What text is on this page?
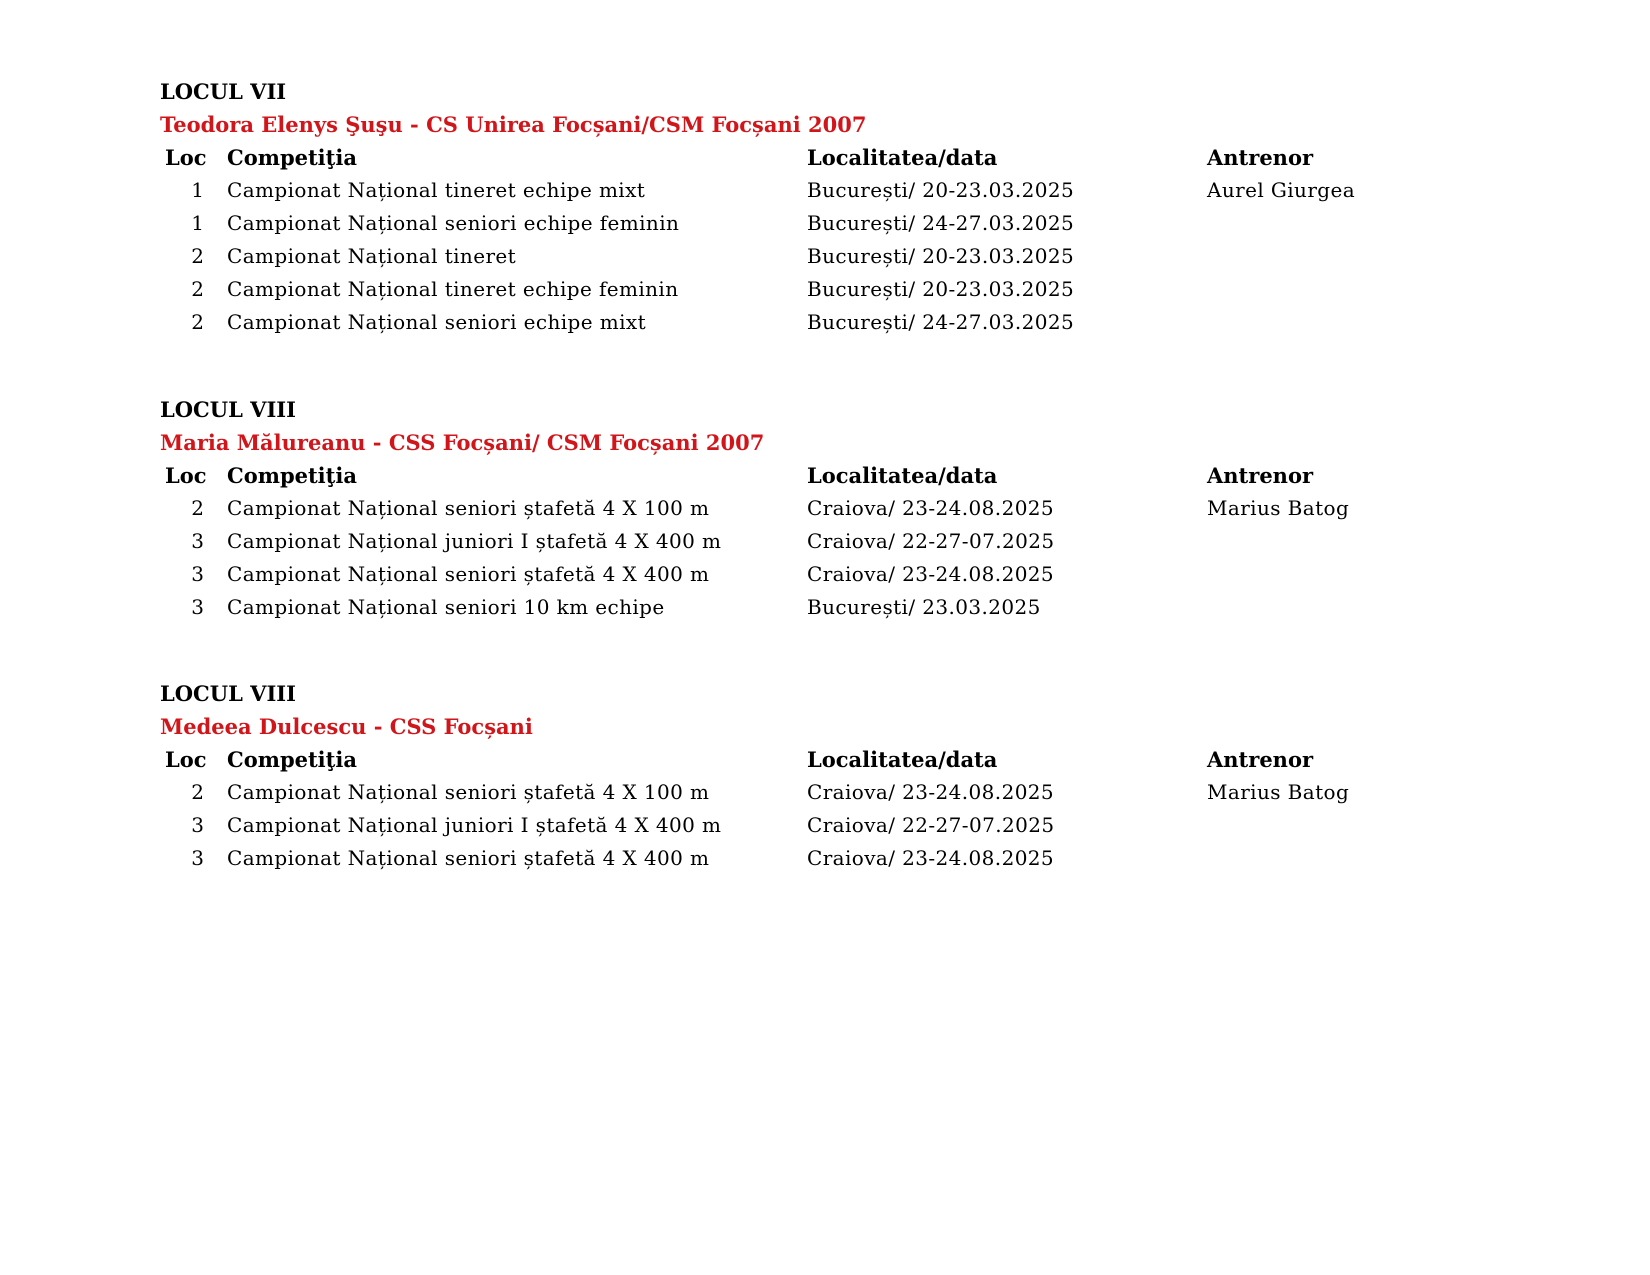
LOCUL VII
Teodora Elenys Şuşu - CS Unirea Focșani/CSM Focșani 2007
Loc	Competiţia	Localitatea/data	Antrenor
1	Campionat Național tineret echipe mixt	București/ 20-23.03.2025	Aurel Giurgea
1	Campionat Național seniori echipe feminin	București/ 24-27.03.2025	
2	Campionat Național tineret	București/ 20-23.03.2025	
2	Campionat Național tineret echipe feminin	București/ 20-23.03.2025	
2	Campionat Național seniori echipe mixt	București/ 24-27.03.2025	
LOCUL VIII
Maria Mălureanu - CSS Focșani/ CSM Focșani 2007
Loc	Competiţia	Localitatea/data	Antrenor
2	Campionat Național seniori ștafetă 4 X 100 m	Craiova/ 23-24.08.2025	Marius Batog
3	Campionat Național juniori I ștafetă 4 X 400 m	Craiova/ 22-27-07.2025	
3	Campionat Național seniori ștafetă 4 X 400 m	Craiova/ 23-24.08.2025	
3	Campionat Național seniori 10 km echipe	București/ 23.03.2025	
LOCUL VIII
Medeea Dulcescu - CSS Focșani
Loc	Competiţia	Localitatea/data	Antrenor
2	Campionat Național seniori ștafetă 4 X 100 m	Craiova/ 23-24.08.2025	Marius Batog
3	Campionat Național juniori I ștafetă 4 X 400 m	Craiova/ 22-27-07.2025	
3	Campionat Național seniori ștafetă 4 X 400 m	Craiova/ 23-24.08.2025	
